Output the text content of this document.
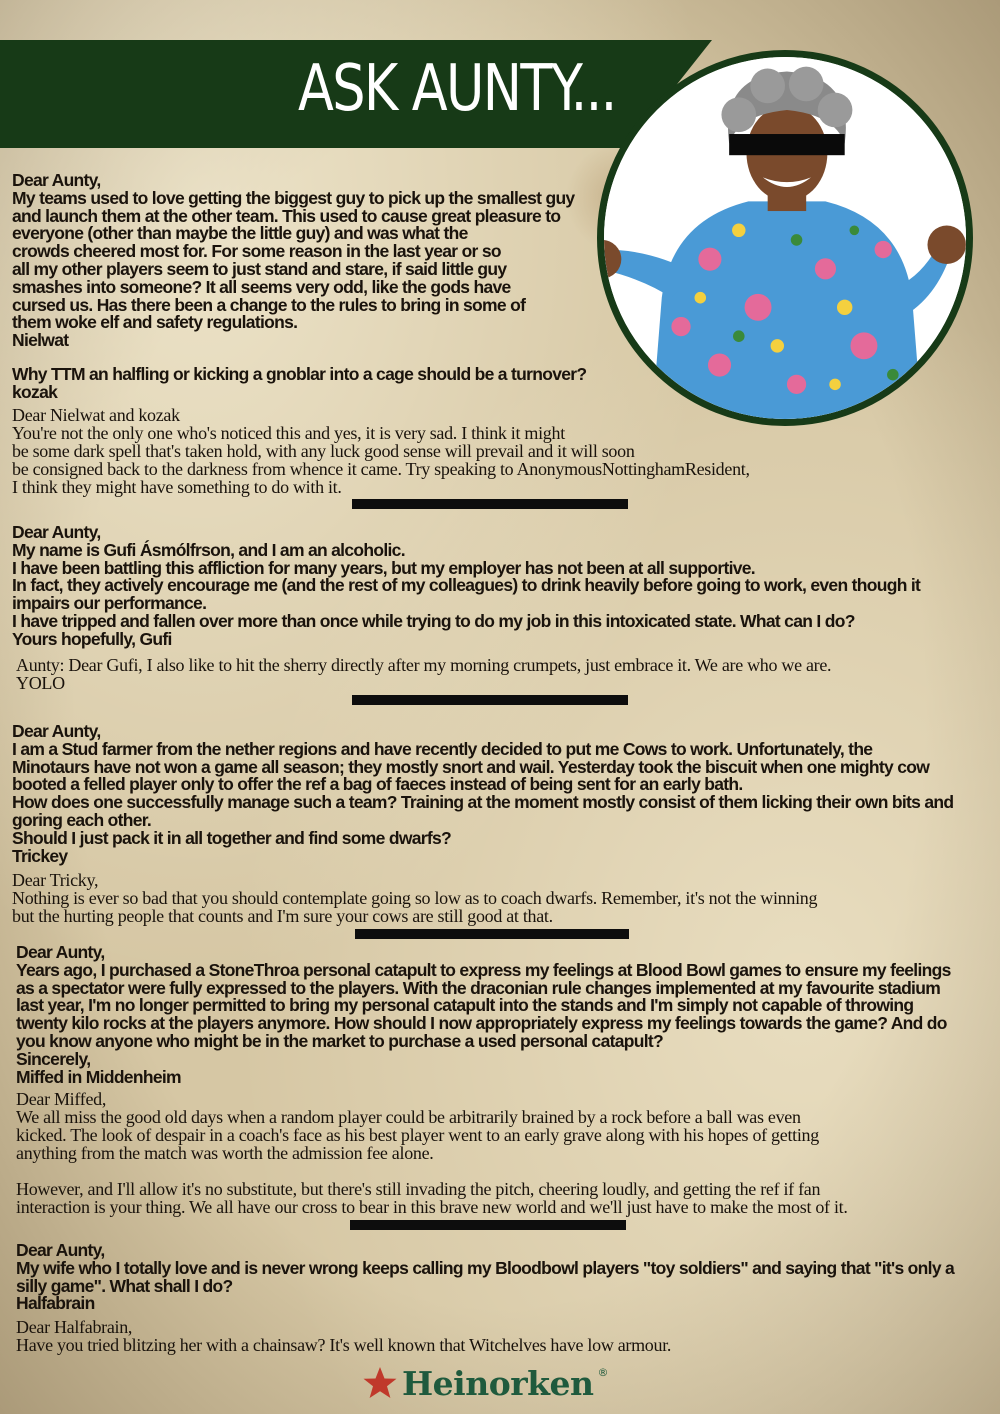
ASK AUNTY...

Dear Aunty,
My teams used to love getting the biggest guy to pick up the smallest guy
and launch them at the other team. This used to cause great pleasure to
everyone (other than maybe the little guy) and was what the
crowds cheered most for. For some reason in the last year or so
all my other players seem to just stand and stare, if said little guy
smashes into someone? It all seems very odd, like the gods have
cursed us. Has there been a change to the rules to bring in some of
them woke elf and safety regulations.
Nielwat

Why TTM an halfling or kicking a gnoblar into a cage should be a turnover?
kozak

Dear Nielwat and kozak
You're not the only one who's noticed this and yes, it is very sad. I think it might
be some dark spell that's taken hold, with any luck good sense will prevail and it will soon
be consigned back to the darkness from whence it came. Try speaking to AnonymousNottinghamResident,
I think they might have something to do with it.

Dear Aunty,
My name is Gufi Ásmólfrson, and I am an alcoholic.
I have been battling this affliction for many years, but my employer has not been at all supportive.
In fact, they actively encourage me (and the rest of my colleagues) to drink heavily before going to work, even though it
impairs our performance.
I have tripped and fallen over more than once while trying to do my job in this intoxicated state. What can I do?
Yours hopefully, Gufi

Aunty: Dear Gufi, I also like to hit the sherry directly after my morning crumpets, just embrace it. We are who we are.
YOLO

Dear Aunty,
I am a Stud farmer from the nether regions and have recently decided to put me Cows to work. Unfortunately, the
Minotaurs have not won a game all season; they mostly snort and wail. Yesterday took the biscuit when one mighty cow
booted a felled player only to offer the ref a bag of faeces instead of being sent for an early bath.
How does one successfully manage such a team? Training at the moment mostly consist of them licking their own bits and
goring each other.
Should I just pack it in all together and find some dwarfs?
Trickey

Dear Tricky,
Nothing is ever so bad that you should contemplate going so low as to coach dwarfs. Remember, it's not the winning
but the hurting people that counts and I'm sure your cows are still good at that.

Dear Aunty,
Years ago, I purchased a StoneThroa personal catapult to express my feelings at Blood Bowl games to ensure my feelings
as a spectator were fully expressed to the players. With the draconian rule changes implemented at my favourite stadium
last year, I'm no longer permitted to bring my personal catapult into the stands and I'm simply not capable of throwing
twenty kilo rocks at the players anymore. How should I now appropriately express my feelings towards the game? And do
you know anyone who might be in the market to purchase a used personal catapult?
Sincerely,
Miffed in Middenheim

Dear Miffed,
We all miss the good old days when a random player could be arbitrarily brained by a rock before a ball was even
kicked. The look of despair in a coach's face as his best player went to an early grave along with his hopes of getting
anything from the match was worth the admission fee alone.

However, and I'll allow it's no substitute, but there's still invading the pitch, cheering loudly, and getting the ref if fan
interaction is your thing. We all have our cross to bear in this brave new world and we'll just have to make the most of it.

Dear Aunty,
My wife who I totally love and is never wrong keeps calling my Bloodbowl players "toy soldiers" and saying that "it's only a
silly game". What shall I do?
Halfabrain

Dear Halfabrain,
Have you tried blitzing her with a chainsaw? It's well known that Witchelves have low armour.

Heinorken ®
